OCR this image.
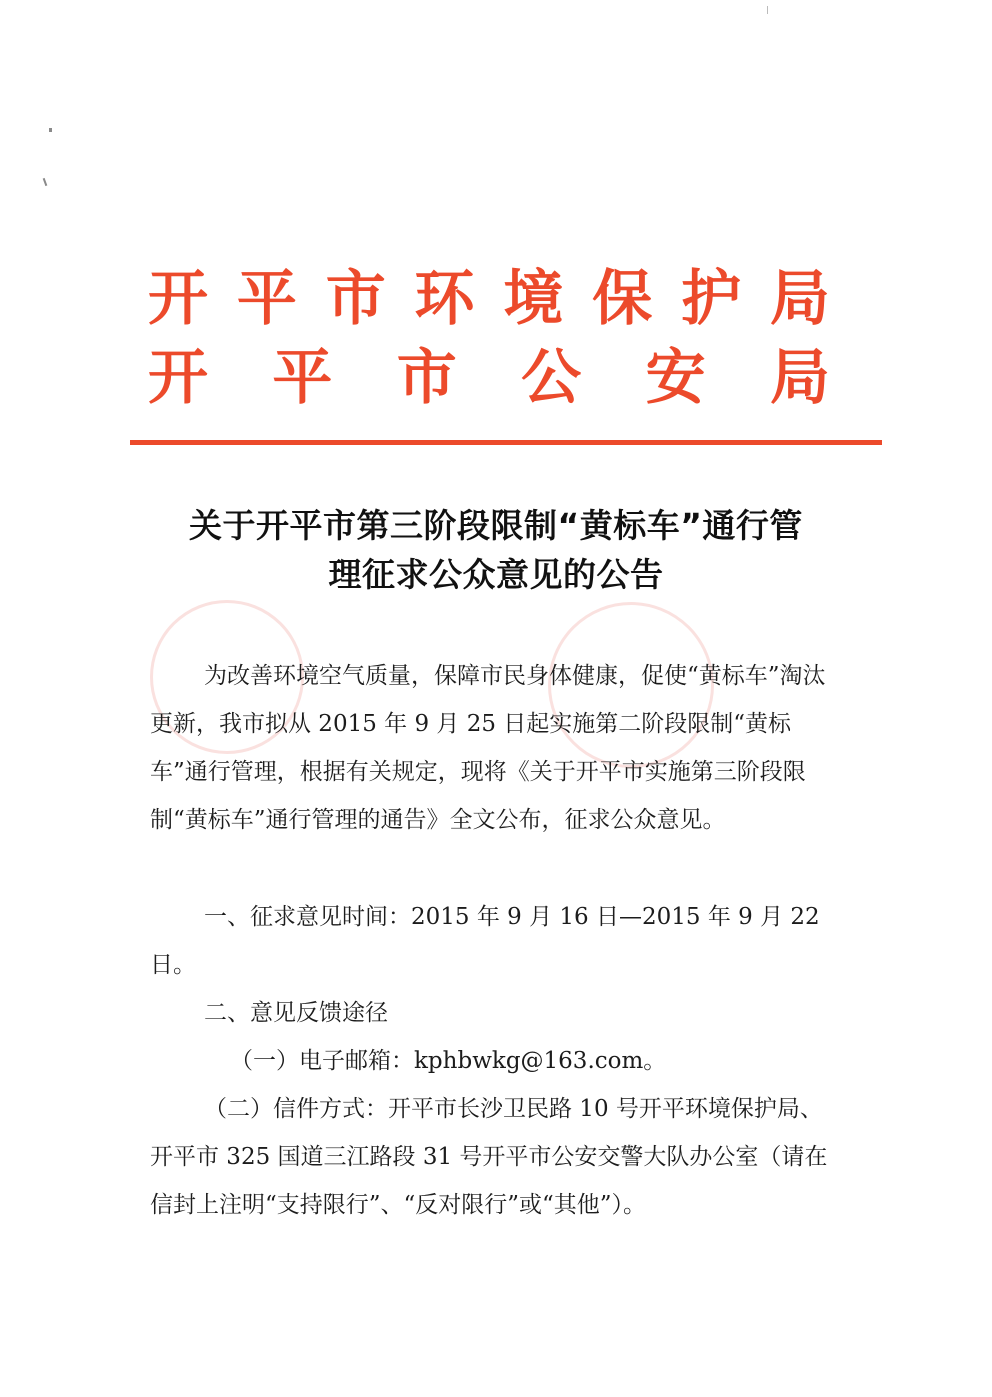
开 平 市 环 境 保 护 局
开 平 市 公 安 局
关于开平市第三阶段限制“黄标车”通行管
理征求公众意见的公告
为改善环境空气质量，保障市民身体健康，促使“黄标车”淘汰更新，我市拟从 2015 年 9 月 25 日起实施第二阶段限制“黄标车”通行管理，根据有关规定，现将《关于开平市实施第三阶段限制“黄标车”通行管理的通告》全文公布，征求公众意见。
一、征求意见时间：2015 年 9 月 16 日—2015 年 9 月 22 日。
二、意见反馈途径
（一）电子邮箱：kphbwkg@163.com。
（二）信件方式：开平市长沙卫民路 10 号开平环境保护局、开平市 325 国道三江路段 31 号开平市公安交警大队办公室（请在信封上注明“支持限行”、“反对限行”或“其他”）。
